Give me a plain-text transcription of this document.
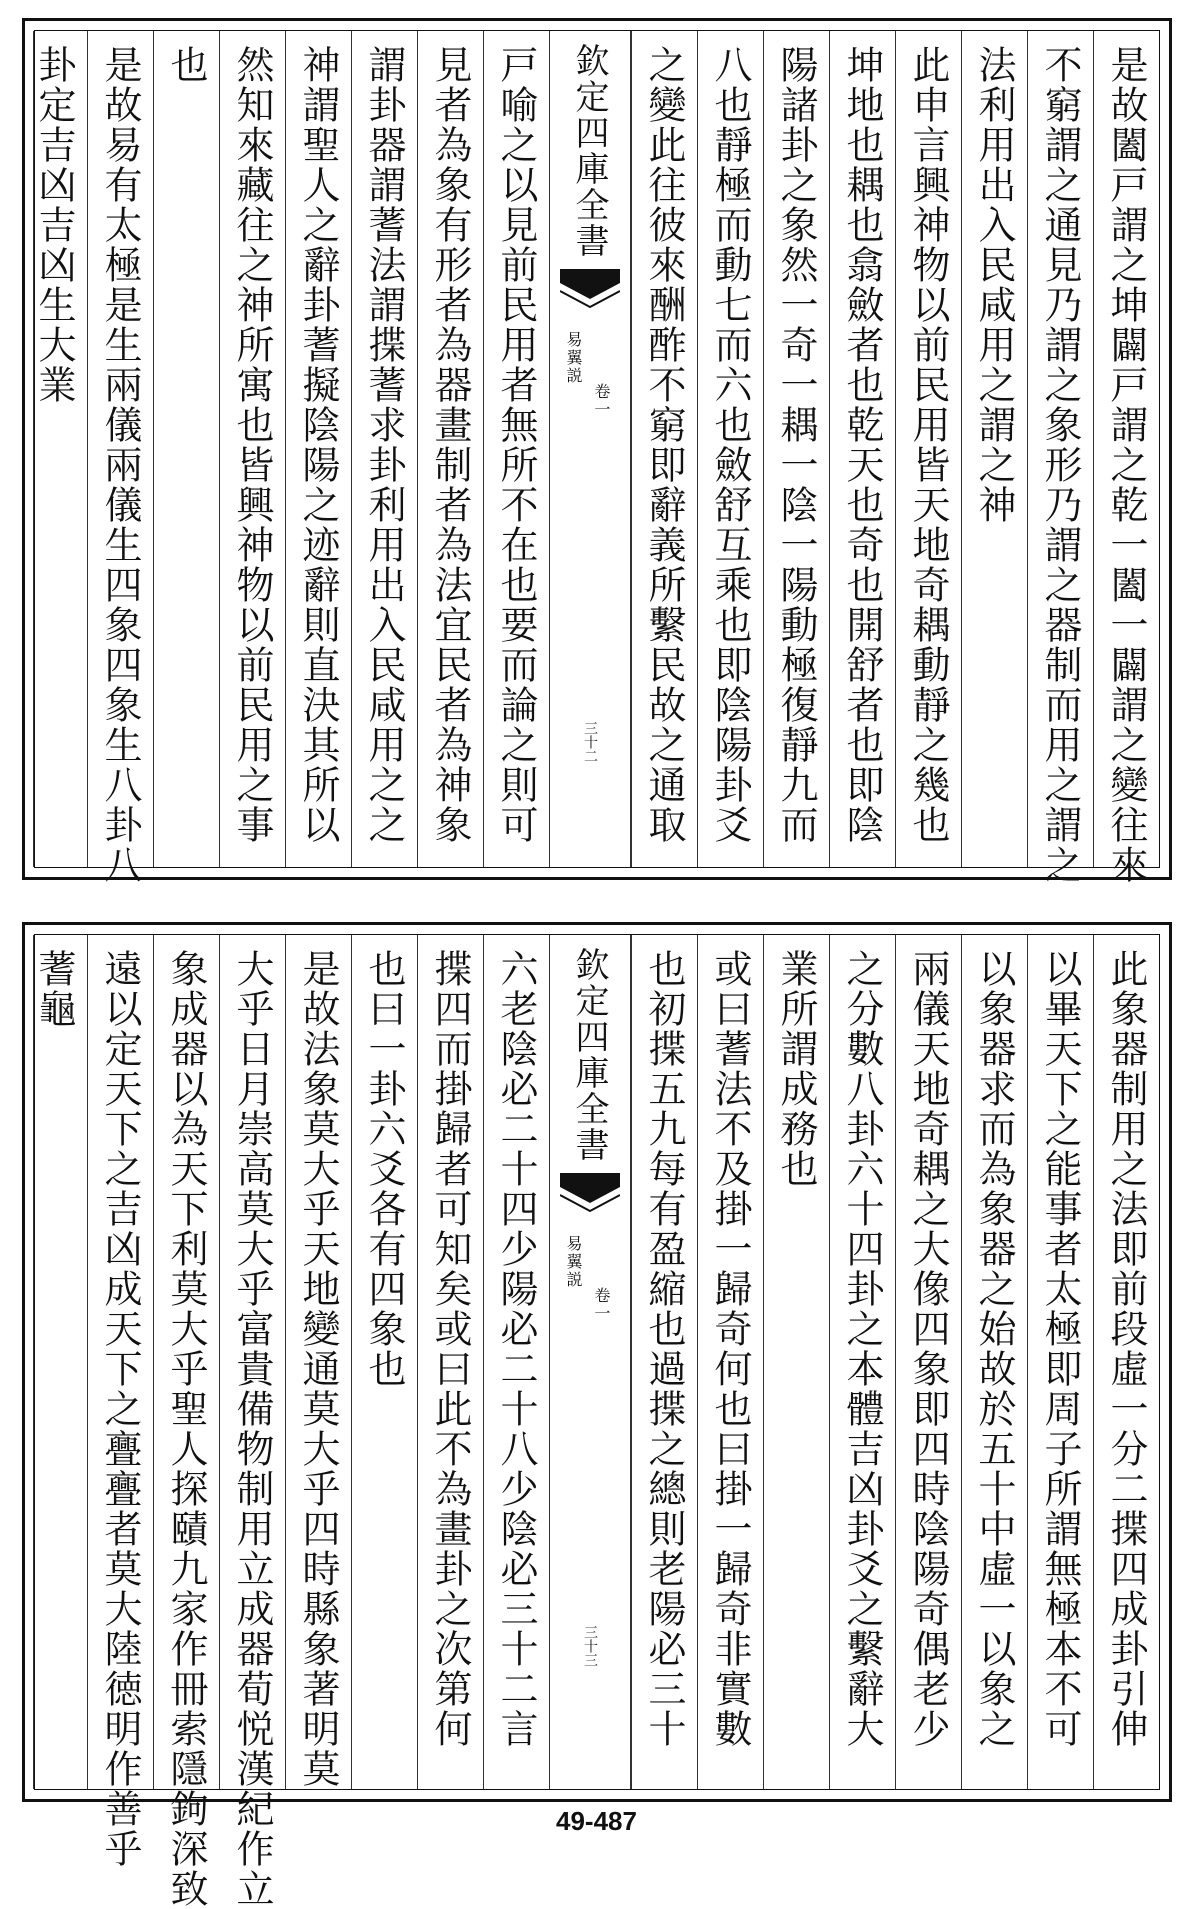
是故闔戸謂之坤闢戸謂之乾一闔一闢謂之變往來
不窮謂之通見乃謂之象形乃謂之器制而用之謂之
法利用出入民咸用之謂之神
此申言興神物以前民用皆天地奇耦動靜之幾也
坤地也耦也翕斂者也乾天也奇也開舒者也即陰
陽諸卦之象然一奇一耦一陰一陽動極復靜九而
八也靜極而動七而六也斂舒互乘也即陰陽卦爻
之變此往彼來酬酢不窮即辭義所繫民故之通取
欽定四庫全書
易翼説
卷一
三十二
戸喻之以見前民用者無所不在也要而論之則可
見者為象有形者為器畫制者為法宜民者為神象
謂卦器謂蓍法謂揲蓍求卦利用出入民咸用之之
神謂聖人之辭卦蓍擬陰陽之迹辭則直決其所以
然知來藏往之神所寓也皆興神物以前民用之事
也
是故易有太極是生兩儀兩儀生四象四象生八卦八
卦定吉凶吉凶生大業
此象器制用之法即前段虛一分二揲四成卦引伸
以畢天下之能事者太極即周子所謂無極本不可
以象器求而為象器之始故於五十中虛一以象之
兩儀天地奇耦之大像四象即四時陰陽奇偶老少
之分數八卦六十四卦之本體吉凶卦爻之繫辭大
業所謂成務也
或曰蓍法不及掛一歸奇何也曰掛一歸奇非實數
也初揲五九每有盈縮也過揲之總則老陽必三十
欽定四庫全書
易翼説
卷一
三十三
六老陰必二十四少陽必二十八少陰必三十二言
揲四而掛歸者可知矣或曰此不為畫卦之次第何
也曰一卦六爻各有四象也
是故法象莫大乎天地變通莫大乎四時縣象著明莫
大乎日月崇高莫大乎富貴備物制用立成器荀悦漢紀作立
象成器以為天下利莫大乎聖人探賾九家作冊索隱鉤深致
遠以定天下之吉凶成天下之亹亹者莫大陸徳明作善乎
蓍龜
49-487
